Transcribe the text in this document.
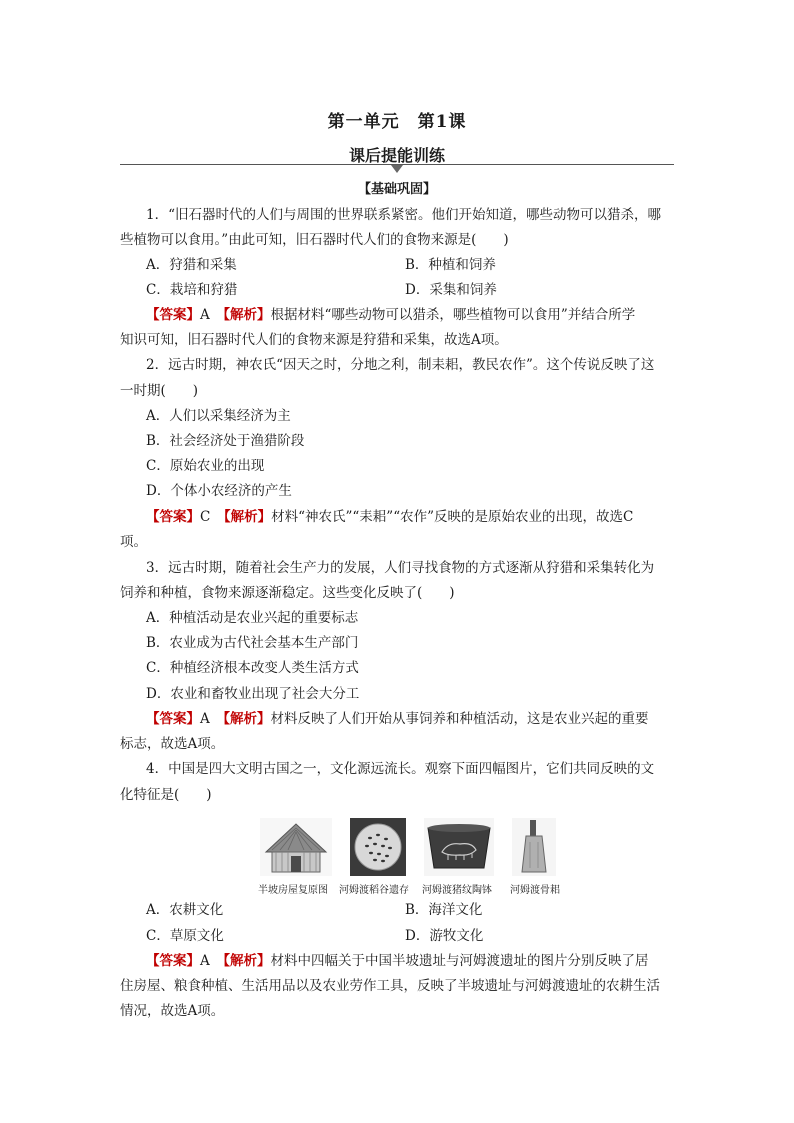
第一单元　第1课
课后提能训练
【基础巩固】
1．“旧石器时代的人们与周围的世界联系紧密。他们开始知道，哪些动物可以猎杀，哪
些植物可以食用。”由此可知，旧石器时代人们的食物来源是(　　)
A．狩猎和采集	B．种植和饲养
C．栽培和狩猎	D．采集和饲养
【答案】A　 【解析】根据材料“哪些动物可以猎杀，哪些植物可以食用”并结合所学
知识可知，旧石器时代人们的食物来源是狩猎和采集，故选A项。
2．远古时期，神农氏“因天之时，分地之利，制耒耜，教民农作”。这个传说反映了这
一时期(　　)
A．人们以采集经济为主
B．社会经济处于渔猎阶段
C．原始农业的出现
D．个体小农经济的产生
【答案】C　 【解析】材料“神农氏”“耒耜”“农作”反映的是原始农业的出现，故选C
项。
3．远古时期，随着社会生产力的发展，人们寻找食物的方式逐渐从狩猎和采集转化为
饲养和种植，食物来源逐渐稳定。这些变化反映了(　　)
A．种植活动是农业兴起的重要标志
B．农业成为古代社会基本生产部门
C．种植经济根本改变人类生活方式
D．农业和畜牧业出现了社会大分工
【答案】A　 【解析】材料反映了人们开始从事饲养和种植活动，这是农业兴起的重要
标志，故选A项。
4．中国是四大文明古国之一，文化源远流长。观察下面四幅图片，它们共同反映的文
化特征是(　　)
半坡房屋复原图 河姆渡稻谷遗存 河姆渡猪纹陶钵 河姆渡骨耜
A．农耕文化	B．海洋文化
C．草原文化	D．游牧文化
【答案】A　 【解析】材料中四幅关于中国半坡遗址与河姆渡遗址的图片分别反映了居
住房屋、粮食种植、生活用品以及农业劳作工具，反映了半坡遗址与河姆渡遗址的农耕生活
情况，故选A项。
